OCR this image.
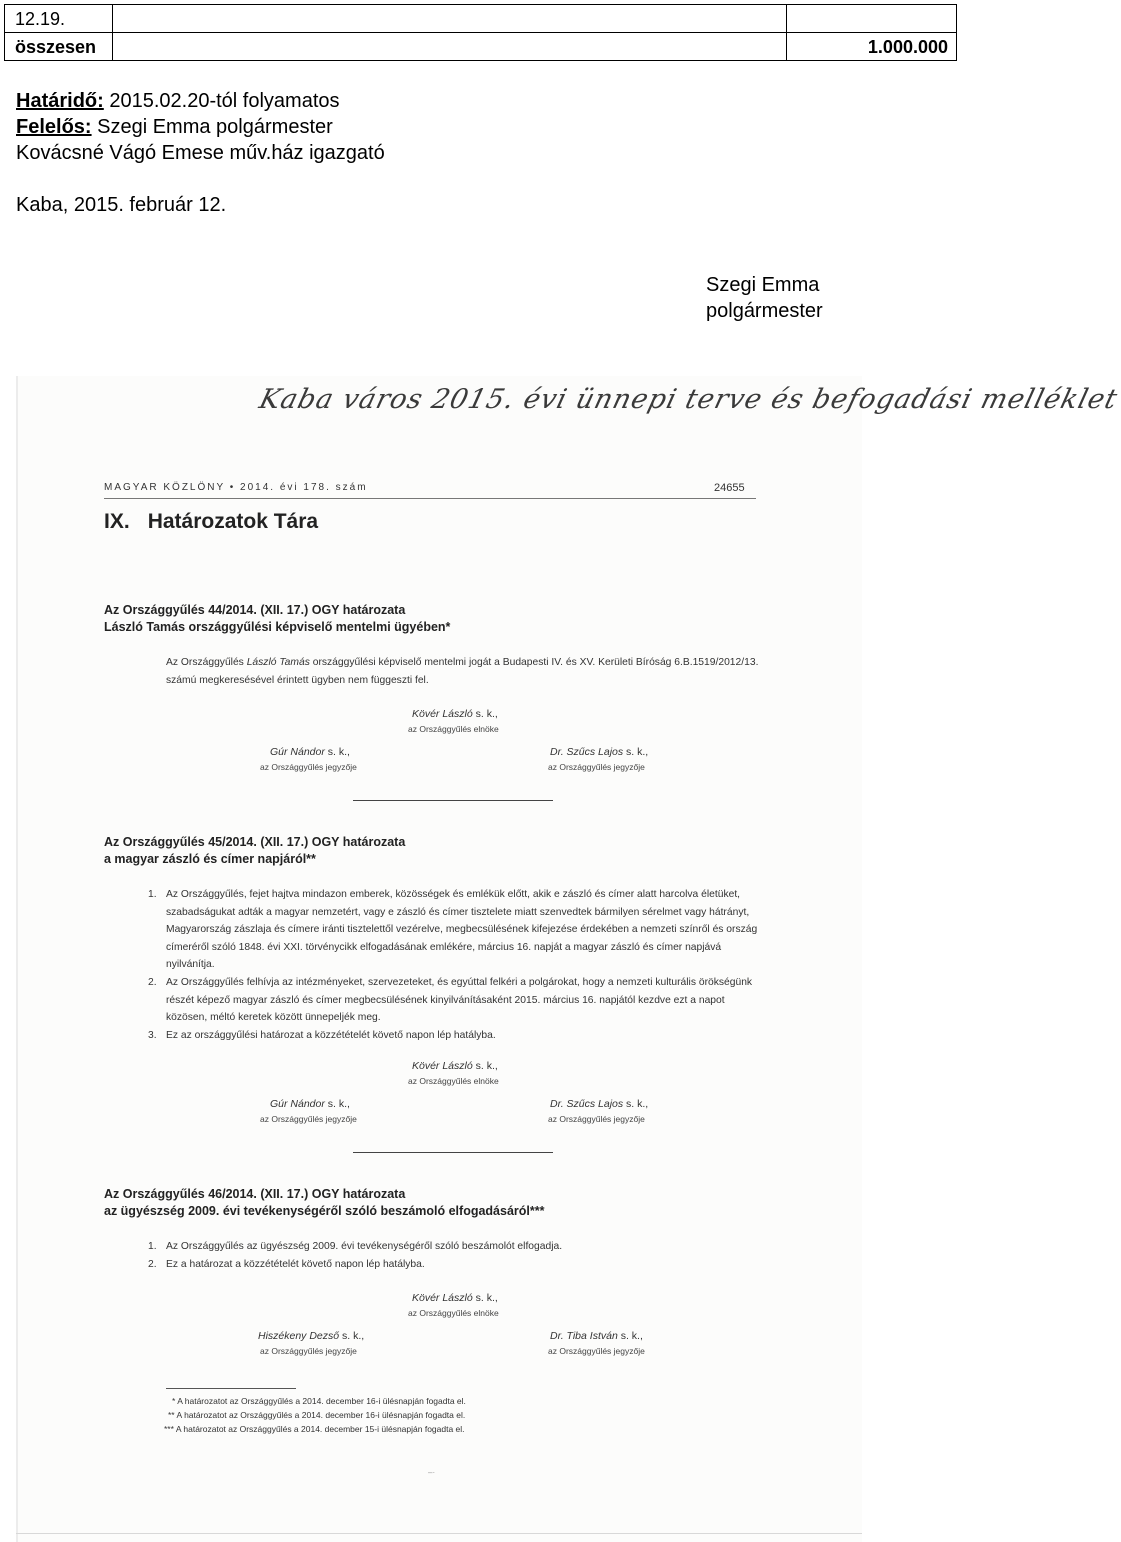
12.19.		
összesen		1.000.000
Határidő: 2015.02.20-tól folyamatos
Felelős: Szegi Emma polgármester
Kovácsné Vágó Emese műv.ház igazgató
Kaba, 2015. február 12.
Szegi Emma
polgármester
Kaba város 2015. évi ünnepi terve és befogadási melléklet
MAGYAR KÖZLÖNY • 2014. évi 178. szám	24655
IX. Határozatok Tára
Az Országgyűlés 44/2014. (XII. 17.) OGY határozata
László Tamás országgyűlési képviselő mentelmi ügyében*
Az Országgyűlés László Tamás országgyűlési képviselő mentelmi jogát a Budapesti IV. és XV. Kerületi Bíróság 6.B.1519/2012/13. számú megkeresésével érintett ügyben nem függeszti fel.
Kövér László s. k.,
az Országgyűlés elnöke
Gúr Nándor s. k.,
az Országgyűlés jegyzője
Dr. Szűcs Lajos s. k.,
az Országgyűlés jegyzője
Az Országgyűlés 45/2014. (XII. 17.) OGY határozata
a magyar zászló és címer napjáról**
1. Az Országgyűlés, fejet hajtva mindazon emberek, közösségek és emlékük előtt, akik e zászló és címer alatt harcolva életüket, szabadságukat adták a magyar nemzetért, vagy e zászló és címer tisztelete miatt szenvedtek bármilyen sérelmet vagy hátrányt, Magyarország zászlaja és címere iránti tisztelettől vezérelve, megbecsülésének kifejezése érdekében a nemzeti színről és ország címeréről szóló 1848. évi XXI. törvénycikk elfogadásának emlékére, március 16. napját a magyar zászló és címer napjává nyilvánítja.
2. Az Országgyűlés felhívja az intézményeket, szervezeteket, és egyúttal felkéri a polgárokat, hogy a nemzeti kulturális örökségünk részét képező magyar zászló és címer megbecsülésének kinyilvánításaként 2015. március 16. napjától kezdve ezt a napot közösen, méltó keretek között ünnepeljék meg.
3. Ez az országgyűlési határozat a közzétételét követő napon lép hatályba.
Kövér László s. k.,
az Országgyűlés elnöke
Gúr Nándor s. k.,
az Országgyűlés jegyzője
Dr. Szűcs Lajos s. k.,
az Országgyűlés jegyzője
Az Országgyűlés 46/2014. (XII. 17.) OGY határozata
az ügyészség 2009. évi tevékenységéről szóló beszámoló elfogadásáról***
1. Az Országgyűlés az ügyészség 2009. évi tevékenységéről szóló beszámolót elfogadja.
2. Ez a határozat a közzétételét követő napon lép hatályba.
Kövér László s. k.,
az Országgyűlés elnöke
Hiszékeny Dezső s. k.,
az Országgyűlés jegyzője
Dr. Tiba István s. k.,
az Országgyűlés jegyzője
* A határozatot az Országgyűlés a 2014. december 16-i ülésnapján fogadta el.
** A határozatot az Országgyűlés a 2014. december 16-i ülésnapján fogadta el.
*** A határozatot az Országgyűlés a 2014. december 15-i ülésnapján fogadta el.
–·
